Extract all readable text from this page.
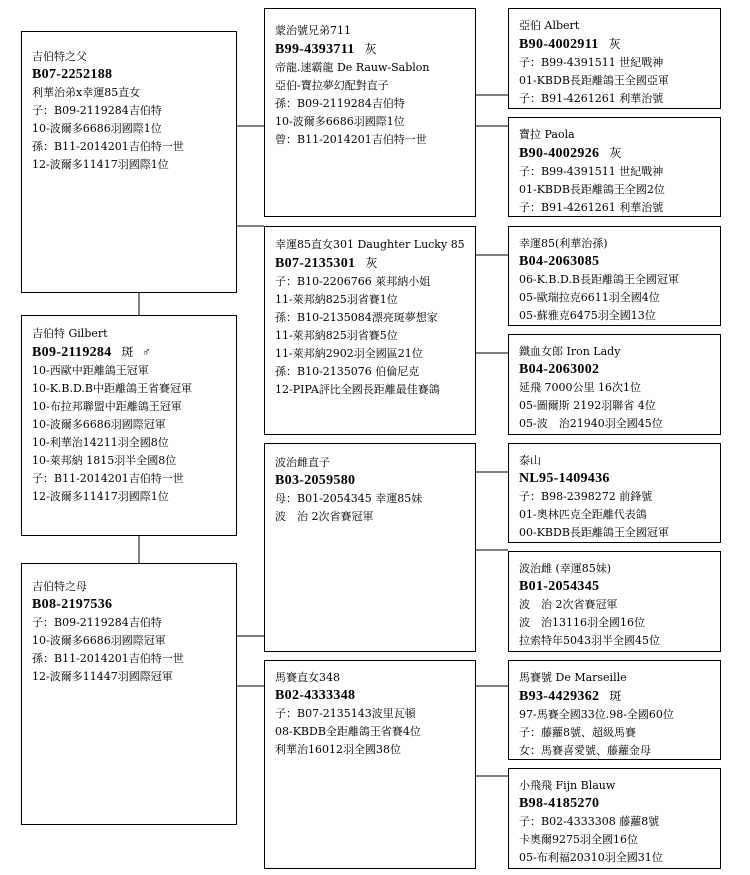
吉伯特之父
B07-2252188
利華治弟x幸運85直女
子：B09-2119284吉伯特
10-波爾多6686羽國際1位
孫：B11-2014201吉伯特一世
12-波爾多11417羽國際1位
吉伯特 Gilbert
B09-2119284 斑 ♂
10-西歐中距離鴿王冠軍
10-K.B.D.B中距離鴿王省賽冠軍
10-布拉邦聯盟中距離鴿王冠軍
10-波爾多6686羽國際冠軍
10-利華治14211羽全國8位
10-萊邦納 1815羽半全國8位
子：B11-2014201吉伯特一世
12-波爾多11417羽國際1位
吉伯特之母
B08-2197536
子：B09-2119284吉伯特
10-波爾多6686羽國際冠軍
孫：B11-2014201吉伯特一世
12-波爾多11447羽國際冠軍
蒙治號兄弟711
B99-4393711 灰
帝龍.速霸龍 De Rauw-Sablon
亞伯-寶拉夢幻配對直子
孫：B09-2119284吉伯特
10-波爾多6686羽國際1位
曾：B11-2014201吉伯特一世
幸運85直女301 Daughter Lucky 85
B07-2135301 灰
子：B10-2206766 萊邦納小姐
11-萊邦納825羽省賽1位
孫：B10-2135084漂亮斑夢想家
11-萊邦納825羽省賽5位
11-萊邦納2902羽全國區21位
孫：B10-2135076 伯倫尼克
12-PIPA評比全國長距離最佳賽鴿
波治雌直子
B03-2059580
母：B01-2054345 幸運85妹
波　治 2次省賽冠軍
馬賽直女348
B02-4333348
子：B07-2135143波里瓦頓
08-KBDB全距離鴿王省賽4位
利華治16012羽全國38位
亞伯 Albert
B90-4002911 灰
子：B99-4391511 世紀戰神
01-KBDB長距離鴿王全國亞軍
子：B91-4261261 利華治號
寶拉 Paola
B90-4002926 灰
子：B99-4391511 世紀戰神
01-KBDB長距離鴿王全國2位
子：B91-4261261 利華治號
幸運85(利華治孫)
B04-2063085
06-K.B.D.B長距離鴿王全國冠軍
05-歐瑞拉克6611羽全國4位
05-蘇雅克6475羽全國13位
鐵血女郎 Iron Lady
B04-2063002
延飛 7000公里 16次1位
05-圖爾斯 2192羽聯省 4位
05-波　治21940羽全國45位
泰山
NL95-1409436
子：B98-2398272 前鋒號
01-奧林匹克全距離代表鴿
00-KBDB長距離鴿王全國冠軍
波治雌 (幸運85妹)
B01-2054345
波　治 2次省賽冠軍
波　治13116羽全國16位
拉索特年5043羽半全國45位
馬賽號 De Marseille
B93-4429362 斑
97-馬賽全國33位.98-全國60位
子：藤蘿8號、超級馬賽
女：馬賽喜愛號、藤蘿金母
小飛飛 Fijn Blauw
B98-4185270
子：B02-4333308 藤蘿8號
卡奧爾9275羽全國16位
05-布利福20310羽全國31位
